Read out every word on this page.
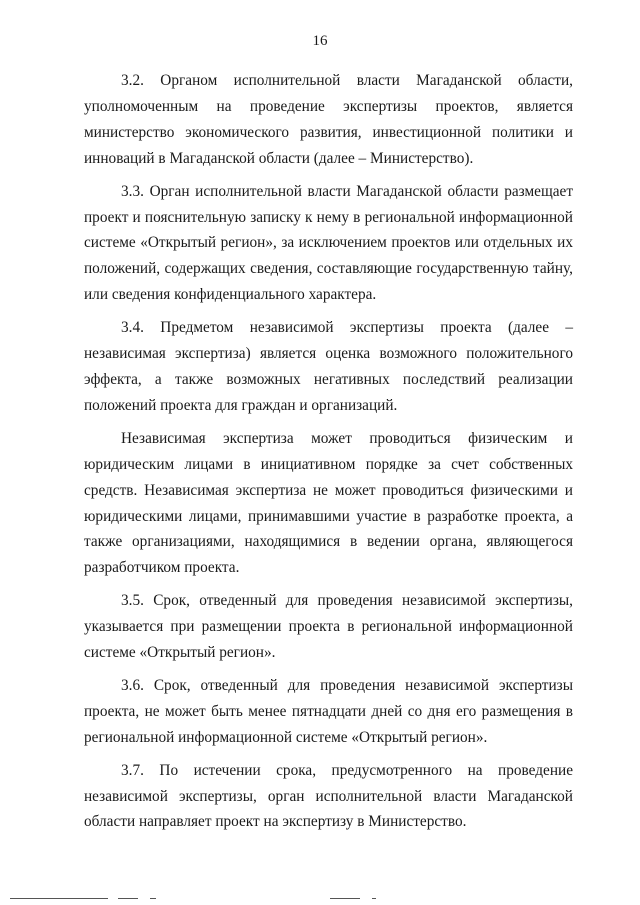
16

3.2. Органом исполнительной власти Магаданской области, уполномоченным на проведение экспертизы проектов, является министерство экономического развития, инвестиционной политики и инноваций в Магаданской области (далее – Министерство).

3.3. Орган исполнительной власти Магаданской области размещает проект и пояснительную записку к нему в региональной информационной системе «Открытый регион», за исключением проектов или отдельных их положений, содержащих сведения, составляющие государственную тайну, или сведения конфиденциального характера.

3.4. Предметом независимой экспертизы проекта (далее – независимая экспертиза) является оценка возможного положительного эффекта, а также возможных негативных последствий реализации положений проекта для граждан и организаций.

Независимая экспертиза может проводиться физическим и юридическим лицами в инициативном порядке за счет собственных средств. Независимая экспертиза не может проводиться физическими и юридическими лицами, принимавшими участие в разработке проекта, а также организациями, находящимися в ведении органа, являющегося разработчиком проекта.

3.5. Срок, отведенный для проведения независимой экспертизы, указывается при размещении проекта в региональной информационной системе «Открытый регион».

3.6. Срок, отведенный для проведения независимой экспертизы проекта, не может быть менее пятнадцати дней со дня его размещения в региональной информационной системе «Открытый регион».

3.7. По истечении срока, предусмотренного на проведение независимой экспертизы, орган исполнительной власти Магаданской области направляет проект на экспертизу в Министерство.
